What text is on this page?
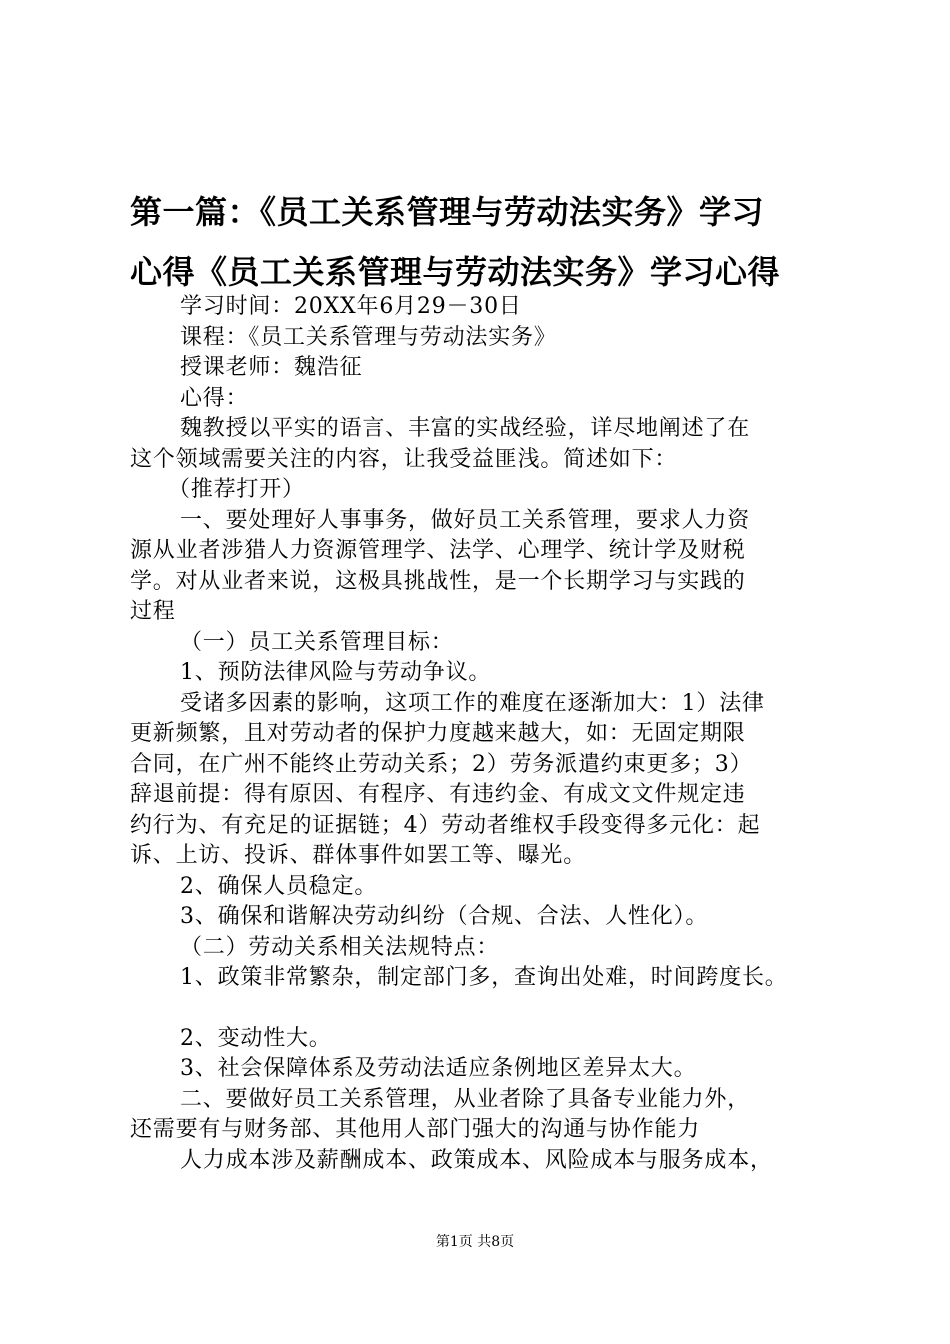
第一篇：《员工关系管理与劳动法实务》学习
心得《员工关系管理与劳动法实务》学习心得
学习时间：20XX年6月29－30日
课程：《员工关系管理与劳动法实务》
授课老师：魏浩征
心得：
魏教授以平实的语言、丰富的实战经验，详尽地阐述了在
这个领域需要关注的内容，让我受益匪浅。简述如下：
（推荐打开）
一、要处理好人事事务，做好员工关系管理，要求人力资
源从业者涉猎人力资源管理学、法学、心理学、统计学及财税
学。对从业者来说，这极具挑战性，是一个长期学习与实践的
过程
（一）员工关系管理目标：
1、预防法律风险与劳动争议。
受诸多因素的影响，这项工作的难度在逐渐加大：1）法律
更新频繁，且对劳动者的保护力度越来越大，如：无固定期限
合同，在广州不能终止劳动关系；2）劳务派遣约束更多；3）
辞退前提：得有原因、有程序、有违约金、有成文文件规定违
约行为、有充足的证据链；4）劳动者维权手段变得多元化：起
诉、上访、投诉、群体事件如罢工等、曝光。
2、确保人员稳定。
3、确保和谐解决劳动纠纷（合规、合法、人性化）。
（二）劳动关系相关法规特点：
1、政策非常繁杂，制定部门多，查询出处难，时间跨度长。
2、变动性大。
3、社会保障体系及劳动法适应条例地区差异太大。
二、要做好员工关系管理，从业者除了具备专业能力外，
还需要有与财务部、其他用人部门强大的沟通与协作能力
人力成本涉及薪酬成本、政策成本、风险成本与服务成本，
第1页 共8页
